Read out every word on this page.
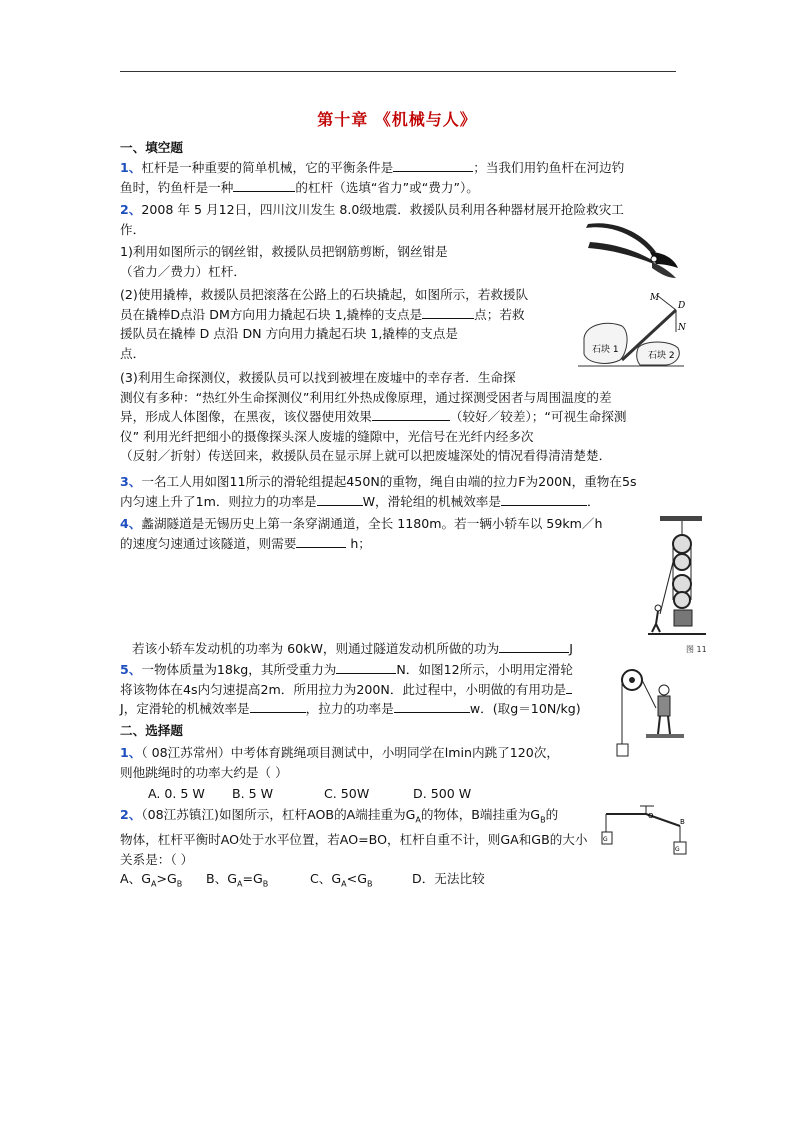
第十章 《机械与人》
一、填空题
1、杠杆是一种重要的简单机械，它的平衡条件是	；当我们用钓鱼杆在河边钓
鱼时，钓鱼杆是一种	的杠杆（选填“省力”或“费力”）。
2、2008 年 5 月12日，四川汶川发生 8.0级地震．救援队员利用各种器材展开抢险救灾工
作．
1)利用如图所示的钢丝钳，救援队员把钢筋剪断，钢丝钳是
（省力／费力）杠杆．
(2)使用撬棒，救援队员把滚落在公路上的石块撬起，如图所示，若救援队
员在撬棒D点沿 DM方向用力撬起石块 1,撬棒的支点是	点；若救
援队员在撬棒 D 点沿 DN 方向用力撬起石块 1,撬棒的支点是
点．
(3)利用生命探测仪，救援队员可以找到被埋在废墟中的幸存者．生命探
测仪有多种：“热红外生命探测仪”利用红外热成像原理，通过探测受困者与周围温度的差
异，形成人体图像，在黑夜，该仪器使用效果	（较好／较差）；“可视生命探测
仪” 利用光纤把细小的摄像探头深人废墟的缝隙中，光信号在光纤内经多次
（反射／折射）传送回来，救援队员在显示屏上就可以把废墟深处的情况看得清清楚楚．
3、一名工人用如图11所示的滑轮组提起450N的重物，绳自由端的拉力F为200N，重物在5s
内匀速上升了1m．则拉力的功率是	W，滑轮组的机械效率是	．
4、蠡湖隧道是无锡历史上第一条穿湖通道，全长 1180m。若一辆小轿车以 59km／h
的速度匀速通过该隧道，则需要	h；
若该小轿车发动机的功率为 60kW，则通过隧道发动机所做的功为	J
5、一物体质量为18kg，其所受重力为	N．如图12所示，小明用定滑轮
将该物体在4s内匀速提高2m．所用拉力为200N．此过程中，小明做的有用功是
J，定滑轮的机械效率是	，拉力的功率是	w．(取g＝10N/kg)
二、选择题
1、（ 08江苏常州）中考体育跳绳项目测试中，小明同学在lmin内跳了120次，
则他跳绳时的功率大约是（ ）
A. 0. 5 W B. 5 W	C. 50W	D. 500 W
2、（08江苏镇江)如图所示，杠杆AOB的A端挂重为$G_A$的物体，B端挂重为$G_B$的
物体，杠杆平衡时AO处于水平位置，若AO=BO，杠杆自重不计，则GA和GB的大小
关系是：（ ）
A、$G_A>G_B$ B、$G_A=G_B$	C、$G_A<G_B$	D．无法比较
石块 1
石块 2
M
D
N
图 11
O
B
G
G
